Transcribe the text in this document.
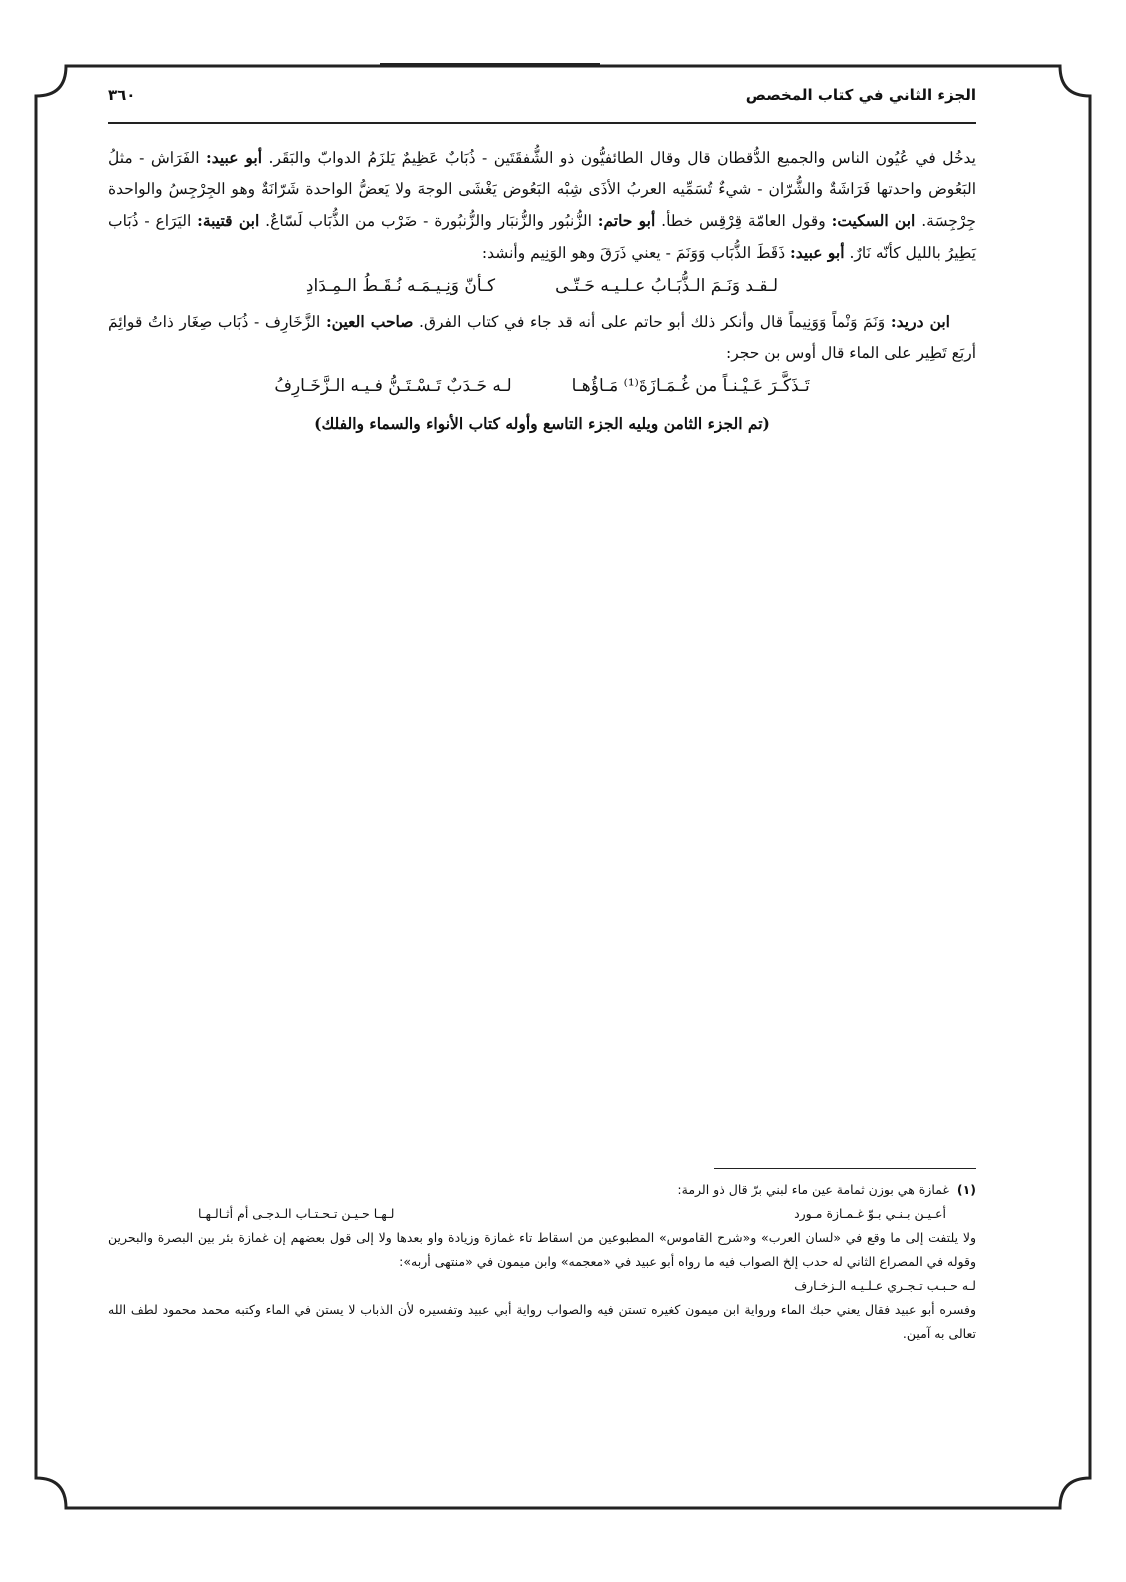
الجزء الثاني في كتاب المخصص
٣٦٠

يدخُل في عُيُون الناس والجميع الدُّقطان قال وقال الطائفيُّون ذو الشُّفقَتَين - ذُبَابٌ عَظِيمٌ يَلزَمُ الدوابّ والبَقَر. أبو عبيد: الفَرَاش - مثلُ البَعُوض واحدتها فَرَاشَةٌ والشُّرّان - شيءٌ تُسَمِّيه العربُ الأذَى شِبْه البَعُوض يَغْشَى الوجهَ ولا يَعضُّ الواحدة شَرّانَةٌ وهو الجِرْجِسُ والواحدة جِرْجِسَة. ابن السكيت: وقول العامّة قِرْقِس خطأ. أبو حاتم: الزُّنبُور والزُّنبَار والزُّنبُورة - ضَرْب من الذُّبَاب لَسّاعٌ. ابن قتيبة: اليَرَاع - ذُبَاب يَطِيرُ بالليل كأنّه نَارٌ. أبو عبيد: ذَقَطَ الذُّبَاب وَوَنَمَ - يعني ذَرَقَ وهو الوَنِيم وأنشد:

لـقـد وَنَـمَ الـذُّبَـابُ عـلـيـه حَـتّـى
كـأنّ وَنِـيـمَـه نُـقَـطُ الـمِـدَادِ

ابن دريد: وَنَمَ وَنْماً وَوَنِيماً قال وأنكر ذلك أبو حاتم على أنه قد جاء في كتاب الفرق. صاحب العين: الزَّخَارِف - ذُبَاب صِغَار ذاتُ قوائِمَ أربَع تَطِير على الماء قال أوس بن حجر:

تَـذَكَّـرَ عَـيْـنـاً من غُـمَـازَةَ⁽¹⁾ مَـاؤُهـا
لـه حَـدَبٌ تَـسْـتَـنُّ فـيـه الـزَّخَـارِفُ
(تم الجزء الثامن ويليه الجزء التاسع وأوله كتاب الأنواء والسماء والفلك)

(١)غمازة هي بوزن ثمامة عين ماء لبني برّ قال ذو الرمة:

أعـيـن بـنـي بـوّ غـمـازة مـورد
لـهـا حـيـن تـحـتـاب الـدجـى أم أثـالـهـا

ولا يلتفت إلى ما وقع في «لسان العرب» و«شرح القاموس» المطبوعين من اسقاط تاء غمازة وزيادة واو بعدها ولا إلى قول بعضهم إن غمازة بئر بين البصرة والبحرين وقوله في المصراع الثاني له حدب إلخ الصواب فيه ما رواه أبو عبيد في «معجمه» وابن ميمون في «منتهى أربه»:

لـه حـبـب تـجـري عـلـيـه الـزخـارف

وفسره أبو عبيد فقال يعني حبك الماء ورواية ابن ميمون كغيره تستن فيه والصواب رواية أبي عبيد وتفسيره لأن الذباب لا يستن في الماء وكتبه محمد محمود لطف الله تعالى به آمين.
